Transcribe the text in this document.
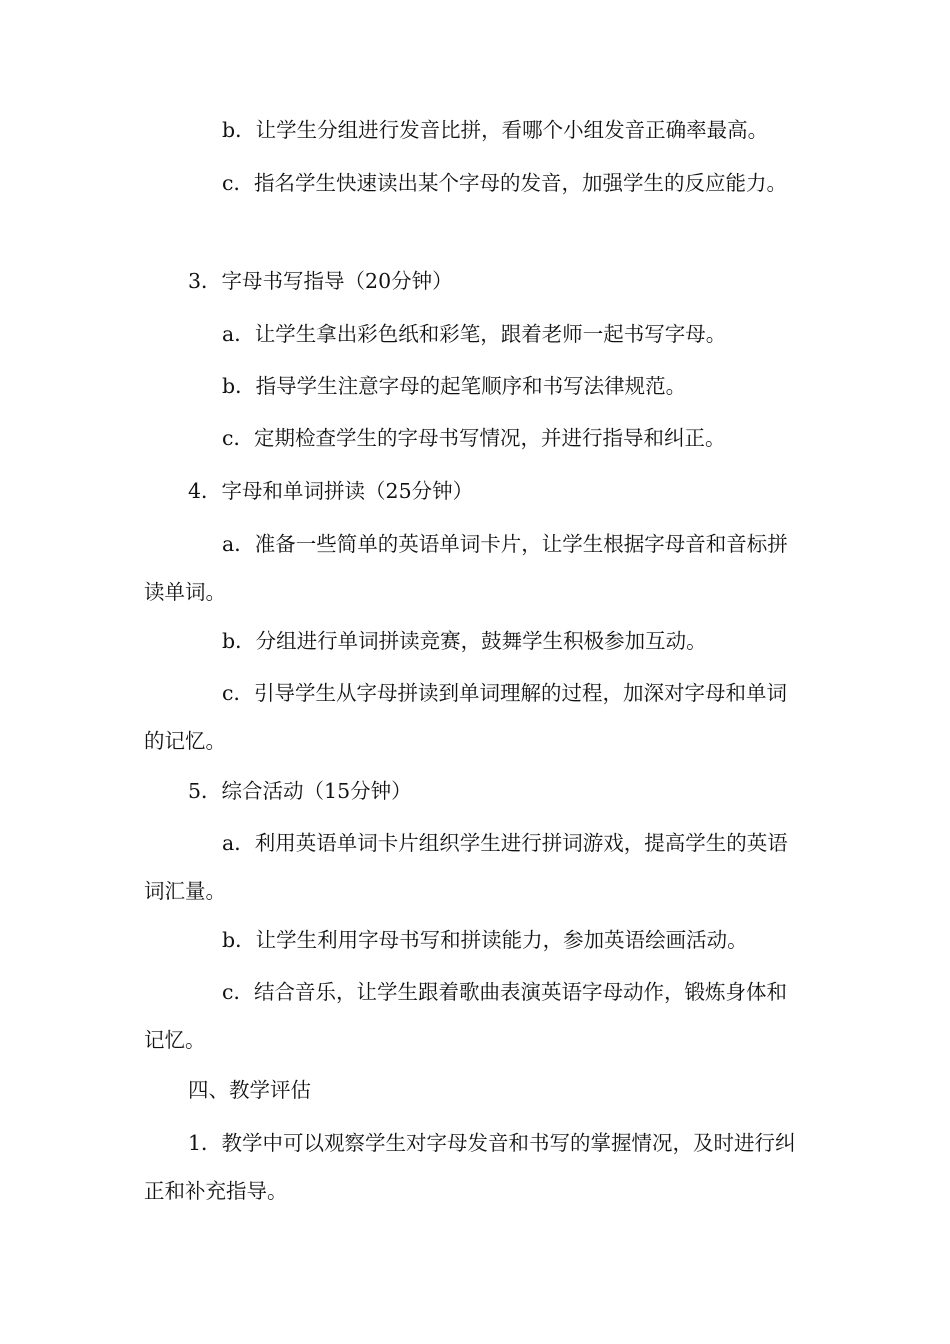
b．让学生分组进行发音比拼，看哪个小组发音正确率最高。

c．指名学生快速读出某个字母的发音，加强学生的反应能力。

3．字母书写指导（20分钟）

a．让学生拿出彩色纸和彩笔，跟着老师一起书写字母。

b．指导学生注意字母的起笔顺序和书写法律规范。

c．定期检查学生的字母书写情况，并进行指导和纠正。

4．字母和单词拼读（25分钟）

a．准备一些简单的英语单词卡片，让学生根据字母音和音标拼读单词。

b．分组进行单词拼读竞赛，鼓舞学生积极参加互动。

c．引导学生从字母拼读到单词理解的过程，加深对字母和单词的记忆。

5．综合活动（15分钟）

a．利用英语单词卡片组织学生进行拼词游戏，提高学生的英语词汇量。

b．让学生利用字母书写和拼读能力，参加英语绘画活动。

c．结合音乐，让学生跟着歌曲表演英语字母动作，锻炼身体和记忆。

四、教学评估

1．教学中可以观察学生对字母发音和书写的掌握情况，及时进行纠正和补充指导。
